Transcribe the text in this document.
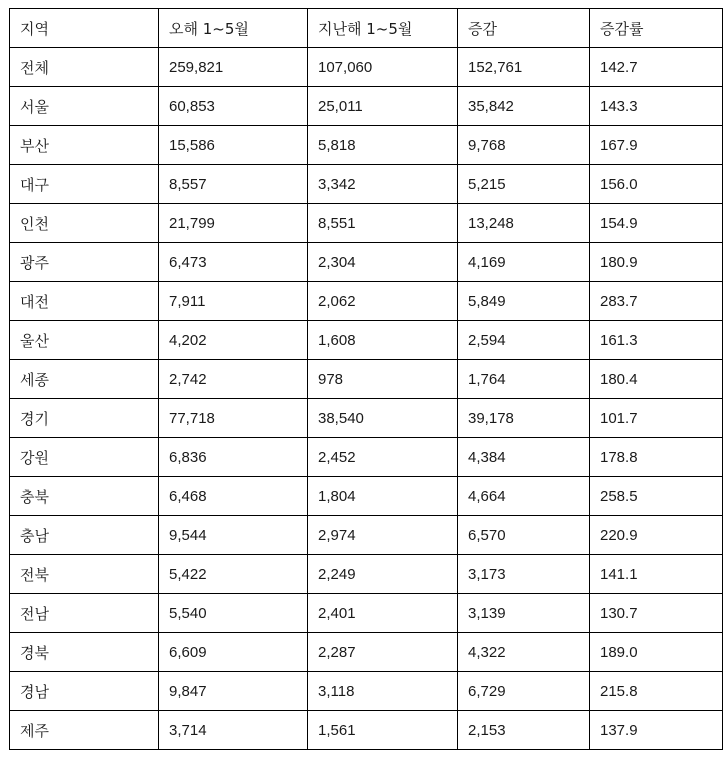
지역	오해 1~5월	지난해 1~5월	증감	증감률
전체	259,821	107,060	152,761	142.7
서울	60,853	25,011	35,842	143.3
부산	15,586	5,818	9,768	167.9
대구	8,557	3,342	5,215	156.0
인천	21,799	8,551	13,248	154.9
광주	6,473	2,304	4,169	180.9
대전	7,911	2,062	5,849	283.7
울산	4,202	1,608	2,594	161.3
세종	2,742	978	1,764	180.4
경기	77,718	38,540	39,178	101.7
강원	6,836	2,452	4,384	178.8
충북	6,468	1,804	4,664	258.5
충남	9,544	2,974	6,570	220.9
전북	5,422	2,249	3,173	141.1
전남	5,540	2,401	3,139	130.7
경북	6,609	2,287	4,322	189.0
경남	9,847	3,118	6,729	215.8
제주	3,714	1,561	2,153	137.9
